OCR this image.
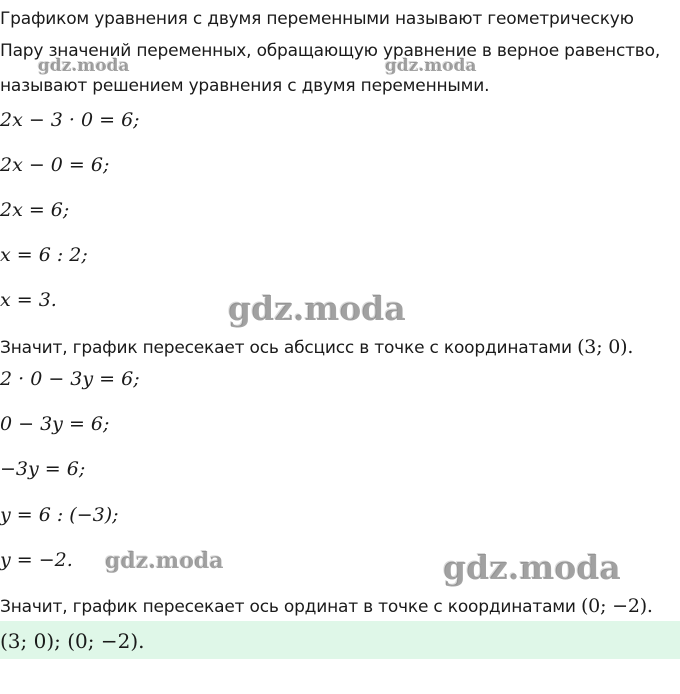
Графиком уравнения с двумя переменными называют геометрическую
Пару значений переменных, обращающую уравнение в верное равенство,
называют решением уравнения с двумя переменными.
2x − 3 · 0 = 6;
2x − 0 = 6;
2x = 6;
x = 6 : 2;
x = 3.
Значит, график пересекает ось абсцисс в точке с координатами (3; 0).
2 · 0 − 3y = 6;
0 − 3y = 6;
−3y = 6;
y = 6 : (−3);
y = −2.
Значит, график пересекает ось ординат в точке с координатами (0; −2).
(3; 0); (0; −2).
gdz.moda	gdz.moda
gdz.moda
gdz.moda	gdz.moda
